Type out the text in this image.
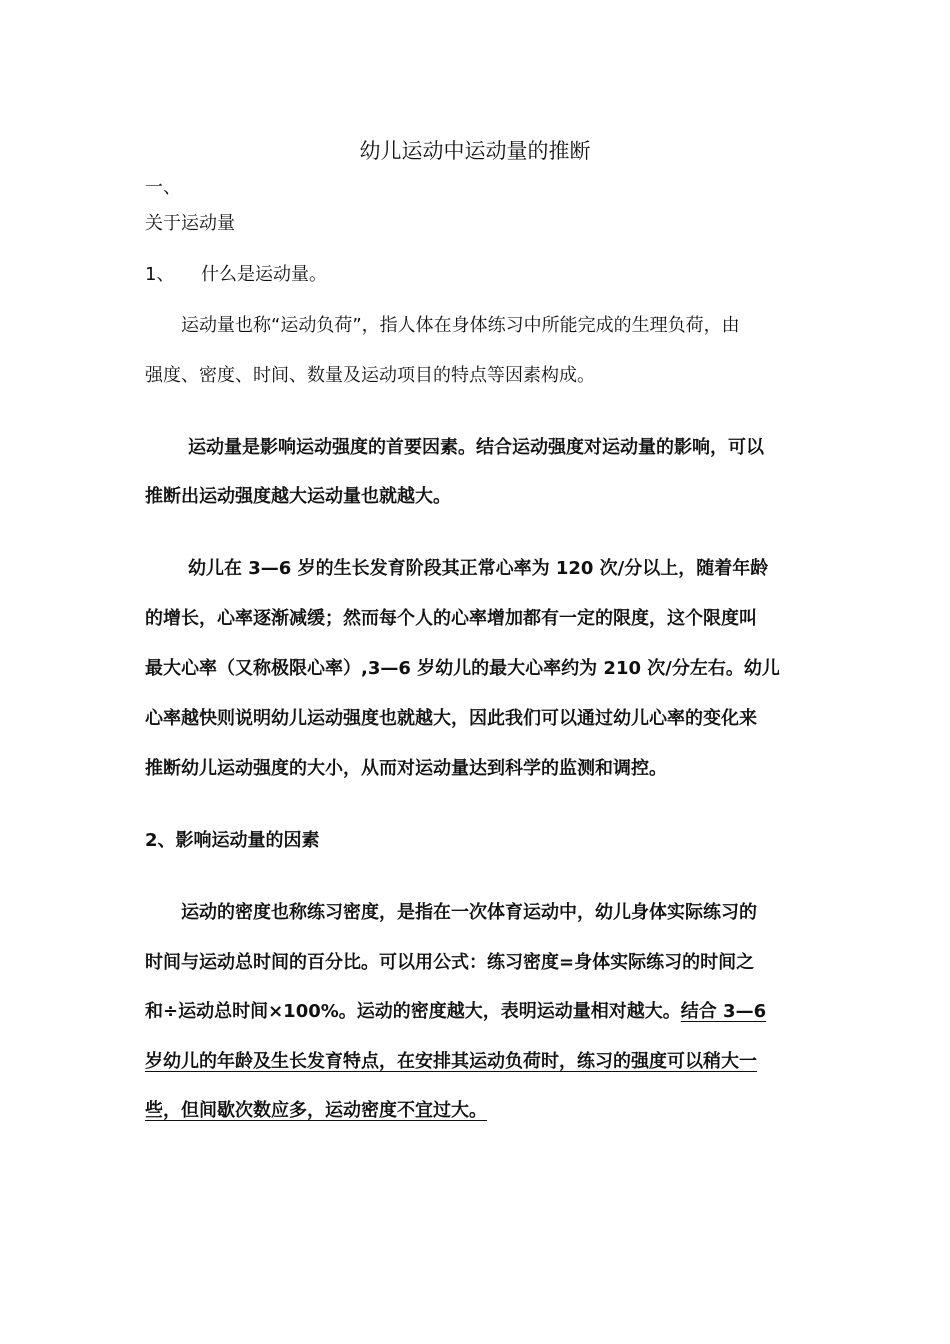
幼儿运动中运动量的推断
一、
关于运动量
1、 什么是运动量。
运动量也称“运动负荷”，指人体在身体练习中所能完成的生理负荷，由
强度、密度、时间、数量及运动项目的特点等因素构成。
运动量是影响运动强度的首要因素。结合运动强度对运动量的影响，可以
推断出运动强度越大运动量也就越大。
幼儿在 3—6 岁的生长发育阶段其正常心率为 120 次/分以上，随着年龄
的增长，心率逐渐减缓；然而每个人的心率增加都有一定的限度，这个限度叫
最大心率（又称极限心率）,3—6 岁幼儿的最大心率约为 210 次/分左右。幼儿
心率越快则说明幼儿运动强度也就越大，因此我们可以通过幼儿心率的变化来
推断幼儿运动强度的大小，从而对运动量达到科学的监测和调控。
2、影响运动量的因素
运动的密度也称练习密度，是指在一次体育运动中，幼儿身体实际练习的
时间与运动总时间的百分比。可以用公式：练习密度=身体实际练习的时间之
和÷运动总时间×100%。运动的密度越大，表明运动量相对越大。结合 3—6
岁幼儿的年龄及生长发育特点，在安排其运动负荷时，练习的强度可以稍大一
些，但间歇次数应多，运动密度不宜过大。
